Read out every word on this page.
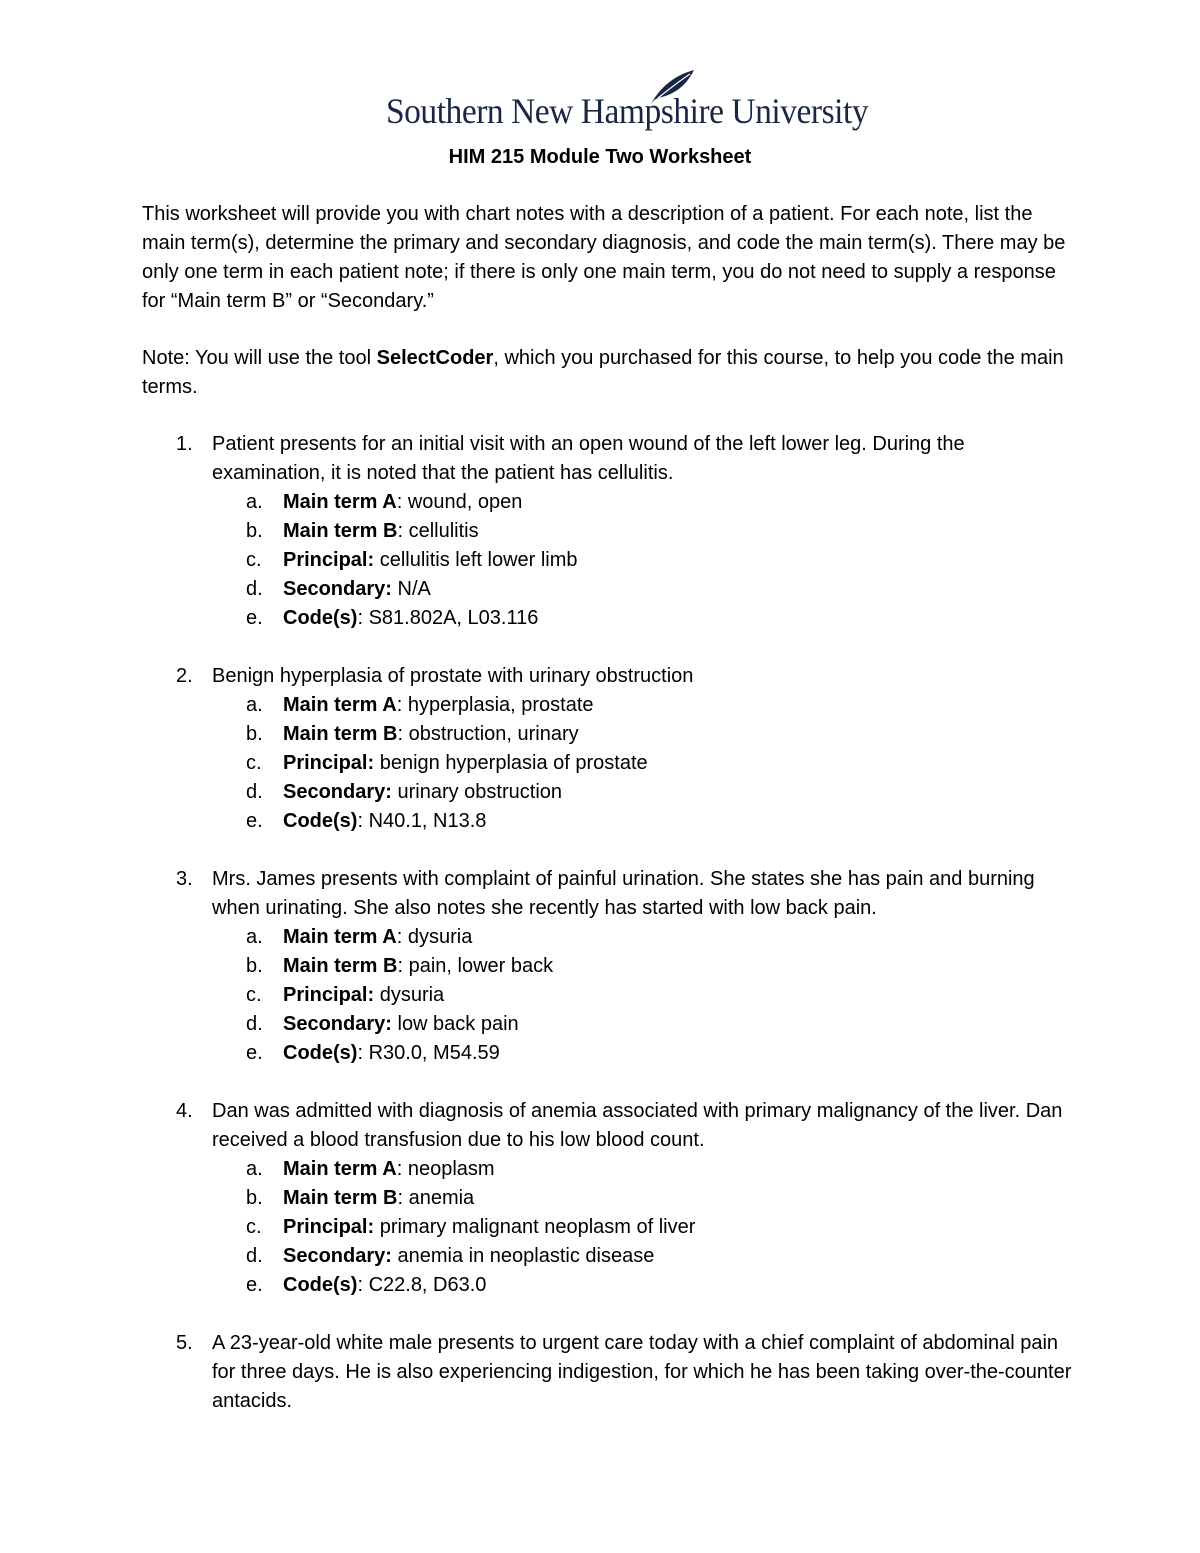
Southern New Hampshire University
HIM 215 Module Two Worksheet
This worksheet will provide you with chart notes with a description of a patient. For each note, list the main term(s), determine the primary and secondary diagnosis, and code the main term(s). There may be only one term in each patient note; if there is only one main term, you do not need to supply a response for “Main term B” or “Secondary.”
Note: You will use the tool SelectCoder, which you purchased for this course, to help you code the main terms.
1. Patient presents for an initial visit with an open wound of the left lower leg. During the examination, it is noted that the patient has cellulitis.
a. Main term A: wound, open
b. Main term B: cellulitis
c. Principal: cellulitis left lower limb
d. Secondary: N/A
e. Code(s): S81.802A, L03.116
2. Benign hyperplasia of prostate with urinary obstruction
a. Main term A: hyperplasia, prostate
b. Main term B: obstruction, urinary
c. Principal: benign hyperplasia of prostate
d. Secondary: urinary obstruction
e. Code(s): N40.1, N13.8
3. Mrs. James presents with complaint of painful urination. She states she has pain and burning when urinating. She also notes she recently has started with low back pain.
a. Main term A: dysuria
b. Main term B: pain, lower back
c. Principal: dysuria
d. Secondary: low back pain
e. Code(s): R30.0, M54.59
4. Dan was admitted with diagnosis of anemia associated with primary malignancy of the liver. Dan received a blood transfusion due to his low blood count.
a. Main term A: neoplasm
b. Main term B: anemia
c. Principal: primary malignant neoplasm of liver
d. Secondary: anemia in neoplastic disease
e. Code(s): C22.8, D63.0
5. A 23-year-old white male presents to urgent care today with a chief complaint of abdominal pain for three days. He is also experiencing indigestion, for which he has been taking over-the-counter antacids.
